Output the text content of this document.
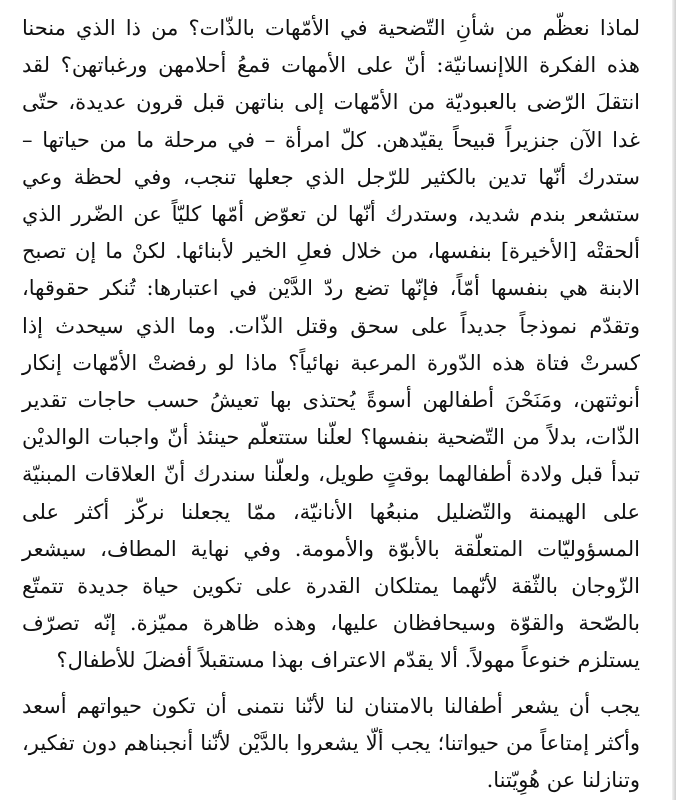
لماذا نعظّم من شأنِ التّضحية في الأمّهات بالذّات؟ من ذا الذي منحنا هذه الفكرة اللاإنسانيّة: أنّ على الأمهات قمعُ أحلامهن ورغباتهن؟ لقد انتقلَ الرّضى بالعبوديّة من الأمّهات إلى بناتهن قبل قرون عديدة، حتّى غدا الآن جنزيراً قبيحاً يقيّدهن. كلّ امرأة – في مرحلة ما من حياتها – ستدرك أنّها تدين بالكثير للرّجل الذي جعلها تنجب، وفي لحظة وعي ستشعر بندم شديد، وستدرك أنّها لن تعوّض أمّها كليّاً عن الضّرر الذي ألحقتْه [الأخيرة] بنفسها، من خلال فعلِ الخير لأبنائها. لكنْ ما إن تصبح الابنة هي بنفسها أمّاً، فإنّها تضع ردّ الدَّيْن في اعتبارها: تُنكر حقوقها، وتقدّم نموذجاً جديداً على سحق وقتل الذّات. وما الذي سيحدث إذا كسرتْ فتاة هذه الدّورة المرعبة نهائياً؟ ماذا لو رفضتْ الأمّهات إنكار أنوثتهن، ومَنَحْنَ أطفالهن أسوةً يُحتذى بها تعيشُ حسب حاجات تقدير الذّات، بدلاً من التّضحية بنفسها؟ لعلّنا ستتعلّم حينئذ أنّ واجبات الوالديْن تبدأ قبل ولادة أطفالهما بوقتٍ طويل، ولعلّنا سندرك أنّ العلاقات المبنيّة على الهيمنة والتّضليل منبعُها الأنانيّة، ممّا يجعلنا نركّز أكثر على المسؤوليّات المتعلّقة بالأبوّة والأمومة. وفي نهاية المطاف، سيشعر الزّوجان بالثّقة لأنّهما يمتلكان القدرة على تكوين حياة جديدة تتمتّع بالصّحة والقوّة وسيحافظان عليها، وهذه ظاهرة مميّزة. إنّه تصرّف يستلزم خنوعاً مهولاً. ألا يقدّم الاعتراف بهذا مستقبلاً أفضلَ للأطفال؟

يجب أن يشعر أطفالنا بالامتنان لنا لأنّنا نتمنى أن تكون حيواتهم أسعد وأكثر إمتاعاً من حيواتنا؛ يجب ألّا يشعروا بالدَّيْن لأنّنا أنجبناهم دون تفكير، وتنازلنا عن هُوِيّتنا.
